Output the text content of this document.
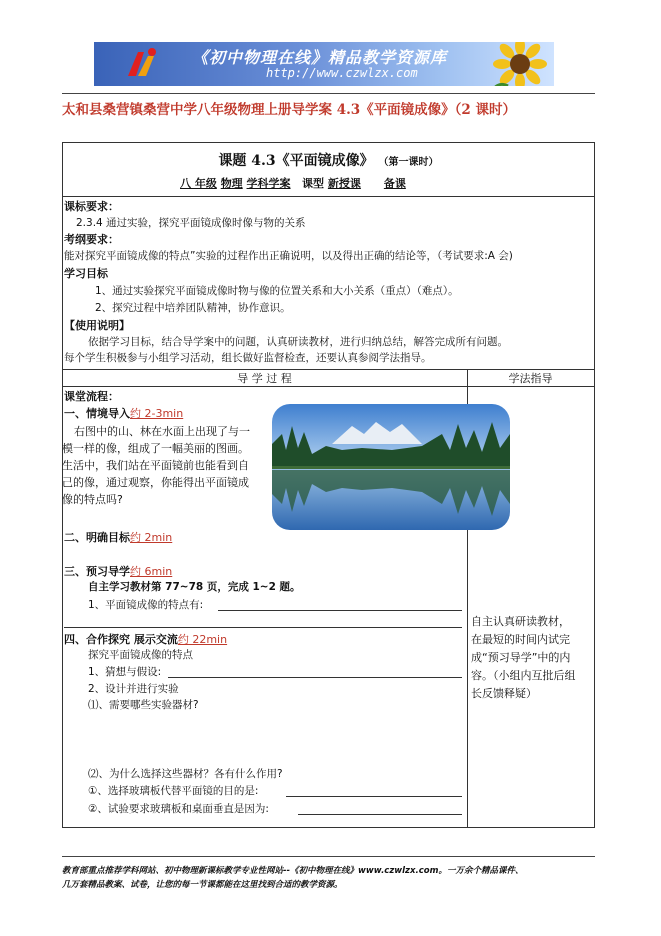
《初中物理在线》精品教学资源库
http://www.czwlzx.com
太和县桑营镇桑营中学八年级物理上册导学案 4.3《平面镜成像》（2 课时）
课题 4.3《平面镜成像》 （第一课时）
八 年级 物理 学科学案 课型 新授课 备课
课标要求：
2.3.4 通过实验，探究平面镜成像时像与物的关系
考纲要求：
能对探究平面镜成像的特点”实验的过程作出正确说明，以及得出正确的结论等，（考试要求:A 会)
学习目标
1、通过实验探究平面镜成像时物与像的位置关系和大小关系（重点）（难点）。
2、探究过程中培养团队精神，协作意识。
【使用说明】
依据学习目标，结合导学案中的问题，认真研读教材，进行归纳总结，解答完成所有问题。
每个学生积极参与小组学习活动，组长做好监督检查，还要认真参阅学法指导。
导 学 过 程	学法指导
课堂流程：
一、情境导入约 2-3min
右图中的山、林在水面上出现了与一
模一样的像，组成了一幅美丽的图画。
生活中，我们站在平面镜前也能看到自
己的像，通过观察，你能得出平面镜成
像的特点吗?
二、明确目标约 2min
三、预习导学约 6min
自主学习教材第 77~78 页，完成 1~2 题。
1、平面镜成像的特点有:
四、合作探究 展示交流约 22min
探究平面镜成像的特点
1、猜想与假设:
2、设计并进行实验
⑴、需要哪些实验器材?
⑵、为什么选择这些器材？各有什么作用?
①、选择玻璃板代替平面镜的目的是:
②、试验要求玻璃板和桌面垂直是因为:
自主认真研读教材，在最短的时间内试完成“预习导学”中的内容。（小组内互批后组长反馈释疑）
教育部重点推荐学科网站、初中物理新课标教学专业性网站--《初中物理在线》www.czwlzx.com。一万余个精品课件、
几万套精品教案、试卷，让您的每一节课都能在这里找到合适的教学资源。
